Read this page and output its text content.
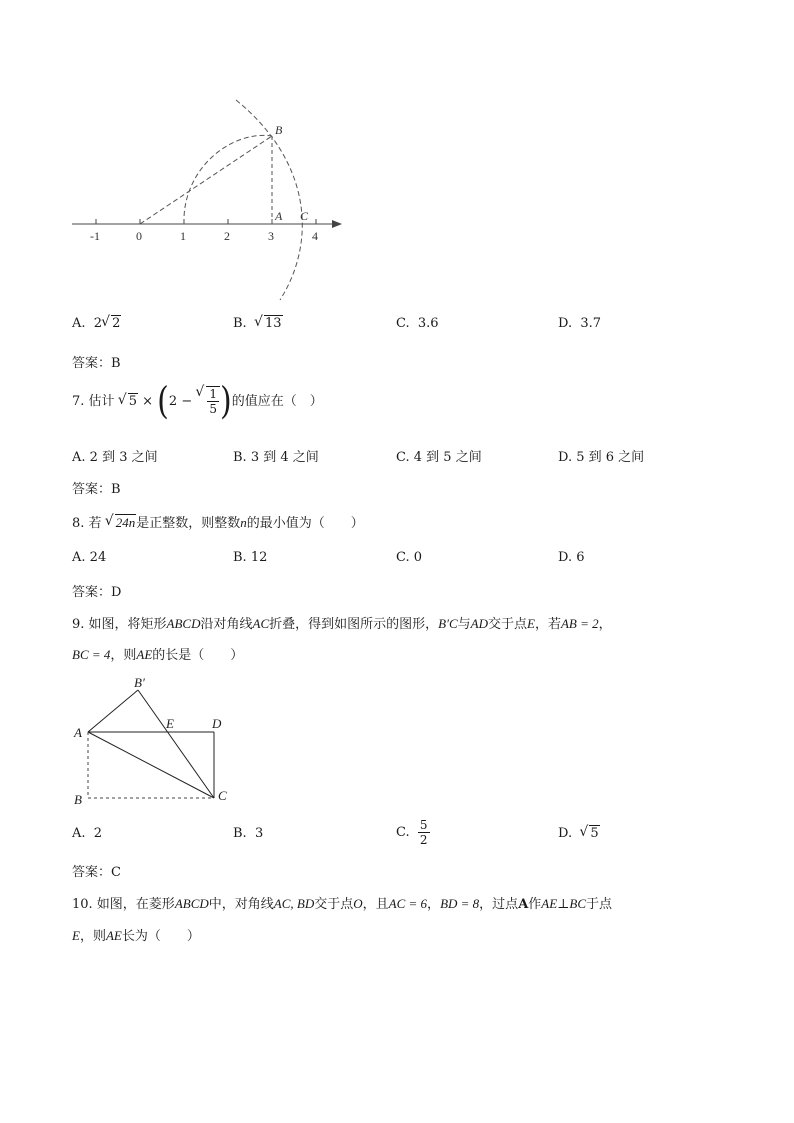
-1	0	1	2	3	4
B
A C
A. 2 √ 2	B. √ 13	C. 3.6	D. 3.7
答案：B
7. 估计 √ 5 × (2 − √ $\frac{1}{5}$ )的值应在（　）
A. 2 到 3 之间	B. 3 到 4 之间	C. 4 到 5 之间	D. 5 到 6 之间
答案：B
8. 若 √ 24n是正整数，则整数n的最小值为（　　）
A. 24	B. 12	C. 0	D. 6
答案：D
9. 如图，将矩形ABCD沿对角线AC折叠，得到如图所示的图形，B′C与AD交于点E，若AB = 2，
BC = 4，则AE的长是（　　）
B′
A
E	D
B	C
A. 2	B. 3	C. $\frac{5}{2}$	D. √ 5
答案：C
10. 如图，在菱形ABCD中，对角线AC, BD交于点O，且AC = 6，BD = 8，过点A作AE⊥BC于点
E，则AE长为（　　）
